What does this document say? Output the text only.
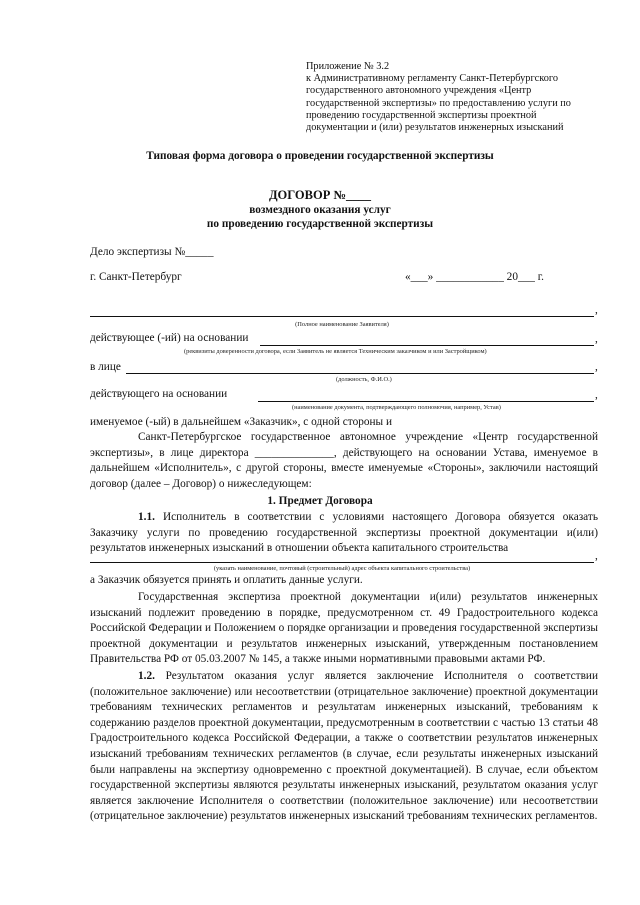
Приложение № 3.2
к Административному регламенту Санкт-Петербургского
государственного автономного учреждения «Центр
государственной экспертизы» по предоставлению услуги по
проведению государственной экспертизы проектной
документации и (или) результатов инженерных изысканий
Типовая форма договора о проведении государственной экспертизы
ДОГОВОР №____
возмездного оказания услуг
по проведению государственной экспертизы
Дело экспертизы №_____
г. Санкт-Петербург	«___» ____________ 20___ г.
,
(Полное наименование Заявителя)
действующее (-ий) на основании	,
(реквизиты доверенности договора, если Заявитель не является Техническим заказчиком и или Застройщиком)
в лице	,
(должность, Ф.И.О.)
действующего на основании	,
(наименование документа, подтверждающего полномочия, например, Устав)
именуемое (-ый) в дальнейшем «Заказчик», с одной стороны и
Санкт-Петербургское государственное автономное учреждение «Центр государственной экспертизы», в лице директора ______________, действующего на основании Устава, именуемое в дальнейшем «Исполнитель», с другой стороны, вместе именуемые «Стороны», заключили настоящий договор (далее – Договор) о нижеследующем:
1. Предмет Договора
1.1. Исполнитель в соответствии с условиями настоящего Договора обязуется оказать Заказчику услуги по проведению государственной экспертизы проектной документации и(или) результатов инженерных изысканий в отношении объекта капитального строительства
,
(указать наименование, почтовый (строительный) адрес объекта капитального строительства)
а Заказчик обязуется принять и оплатить данные услуги.
Государственная экспертиза проектной документации и(или) результатов инженерных изысканий подлежит проведению в порядке, предусмотренном ст. 49 Градостроительного кодекса Российской Федерации и Положением о порядке организации и проведения государственной экспертизы проектной документации и результатов инженерных изысканий, утвержденным постановлением Правительства РФ от 05.03.2007 № 145, а также иными нормативными правовыми актами РФ.
1.2. Результатом оказания услуг является заключение Исполнителя о соответствии (положительное заключение) или несоответствии (отрицательное заключение) проектной документации требованиям технических регламентов и результатам инженерных изысканий, требованиям к содержанию разделов проектной документации, предусмотренным в соответствии с частью 13 статьи 48 Градостроительного кодекса Российской Федерации, а также о соответствии результатов инженерных изысканий требованиям технических регламентов (в случае, если результаты инженерных изысканий были направлены на экспертизу одновременно с проектной документацией). В случае, если объектом государственной экспертизы являются результаты инженерных изысканий, результатом оказания услуг является заключение Исполнителя о соответствии (положительное заключение) или несоответствии (отрицательное заключение) результатов инженерных изысканий требованиям технических регламентов.
